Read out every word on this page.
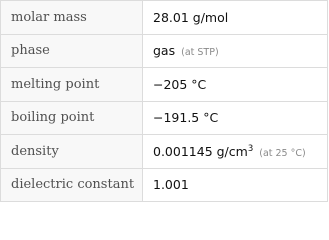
molar mass	28.01 g/mol
phase	gas (at STP)
melting point	−205 °C
boiling point	−191.5 °C
density	0.001145 $g/cm^3$ (at 25 °C)
dielectric constant	1.001
